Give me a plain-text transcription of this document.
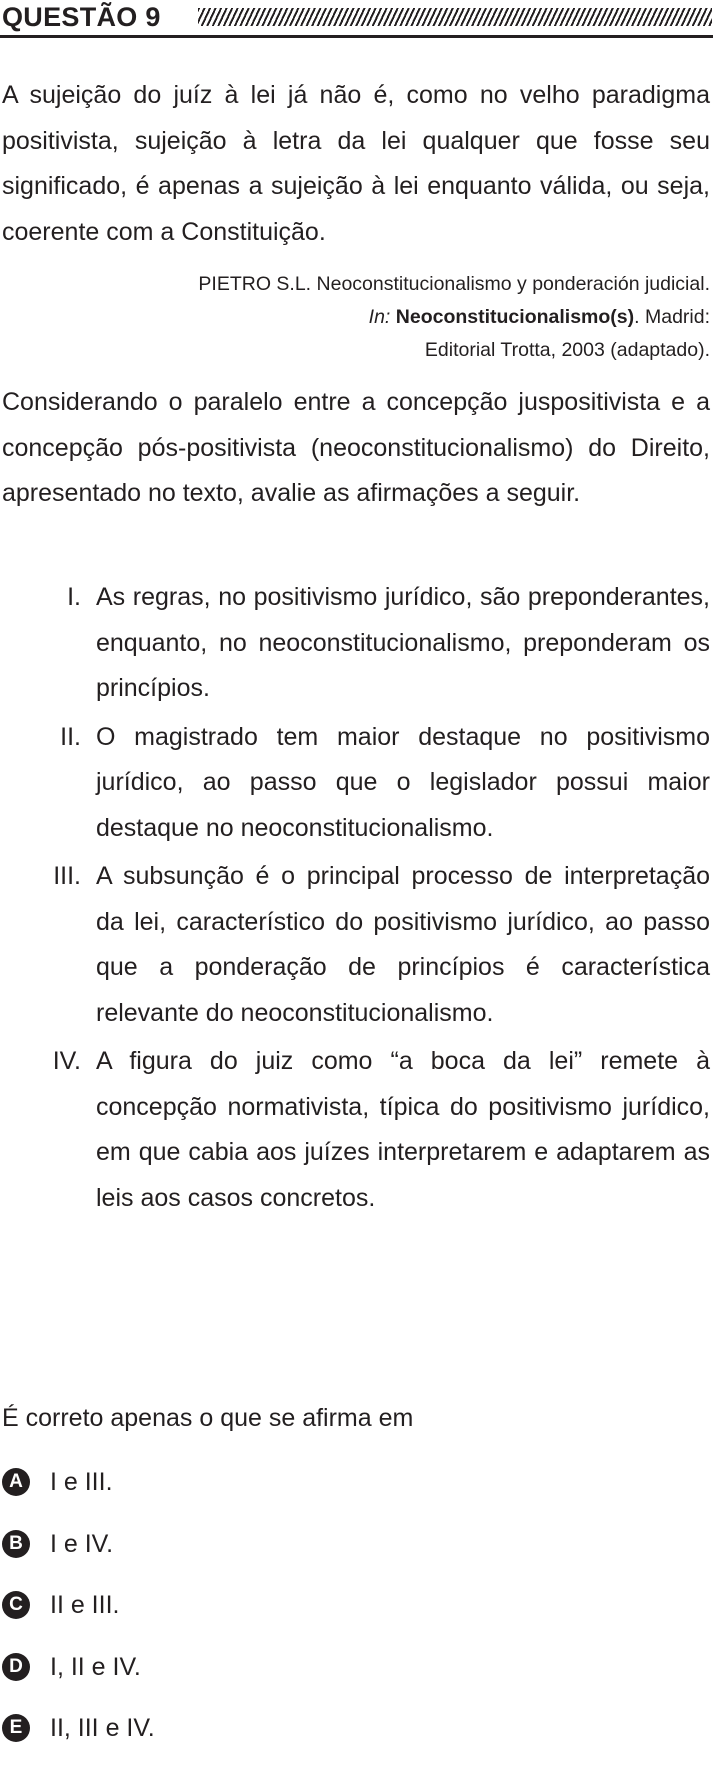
QUESTÃO 9
A sujeição do juíz à lei já não é, como no velho paradigma positivista, sujeição à letra da lei qualquer que fosse seu significado, é apenas a sujeição à lei enquanto válida, ou seja, coerente com a Constituição.
PIETRO S.L. Neoconstitucionalismo y ponderación judicial.
In: Neoconstitucionalismo(s). Madrid:
Editorial Trotta, 2003 (adaptado).
Considerando o paralelo entre a concepção juspositivista e a concepção pós-positivista (neoconstitucionalismo) do Direito, apresentado no texto, avalie as afirmações a seguir.
I. As regras, no positivismo jurídico, são preponderantes, enquanto, no neoconstitucionalismo, preponderam os princípios.
II. O magistrado tem maior destaque no positivismo jurídico, ao passo que o legislador possui maior destaque no neoconstitucionalismo.
III. A subsunção é o principal processo de interpretação da lei, característico do positivismo jurídico, ao passo que a ponderação de princípios é característica relevante do neoconstitucionalismo.
IV. A figura do juiz como “a boca da lei” remete à concepção normativista, típica do positivismo jurídico, em que cabia aos juízes interpretarem e adaptarem as leis aos casos concretos.
É correto apenas o que se afirma em
A I e III.
B I e IV.
C II e III.
D I, II e IV.
E	II, III e IV.
